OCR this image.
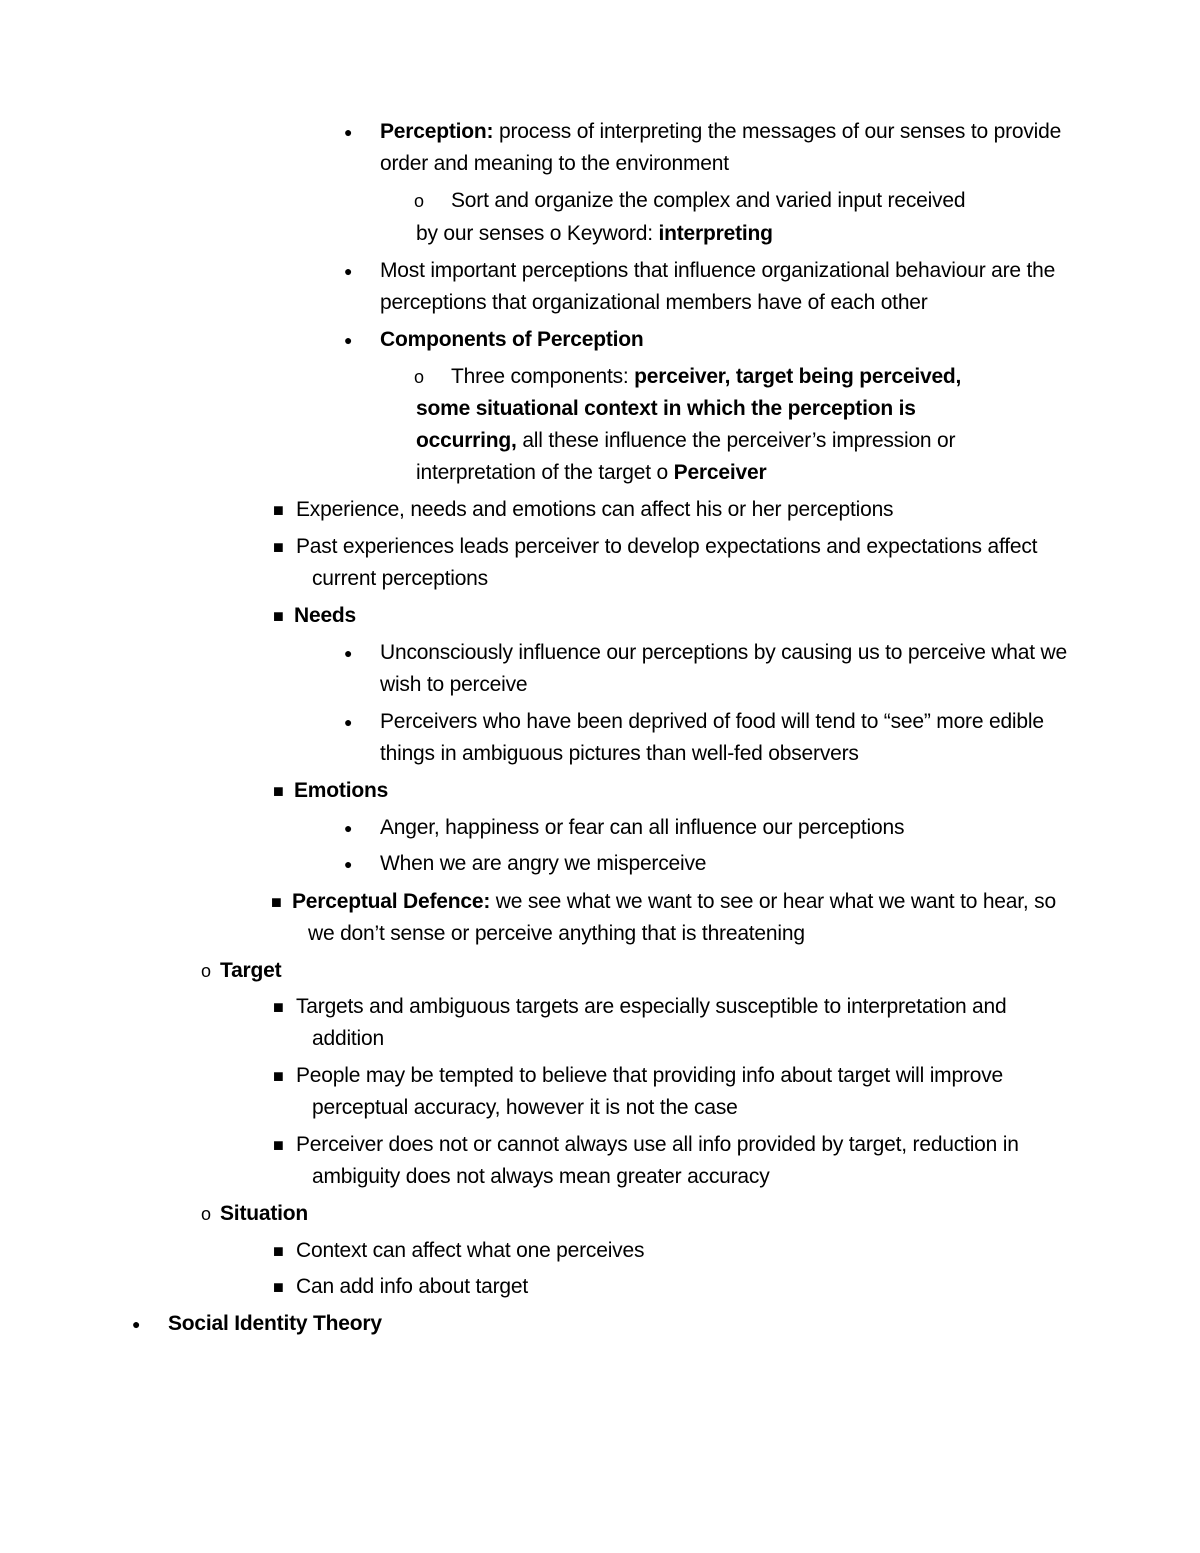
● Perception: process of interpreting the messages of our senses to provide
order and meaning to the environment
o Sort and organize the complex and varied input received
by our senses o Keyword: interpreting
● Most important perceptions that influence organizational behaviour are the
perceptions that organizational members have of each other
● Components of Perception
o Three components: perceiver, target being perceived,
some situational context in which the perception is
occurring, all these influence the perceiver’s impression or
interpretation of the target o Perceiver
■ Experience, needs and emotions can affect his or her perceptions
■ Past experiences leads perceiver to develop expectations and expectations affect
current perceptions
■ Needs
● Unconsciously influence our perceptions by causing us to perceive what we
wish to perceive
● Perceivers who have been deprived of food will tend to “see” more edible
things in ambiguous pictures than well-fed observers
■ Emotions
● Anger, happiness or fear can all influence our perceptions
● When we are angry we misperceive
■ Perceptual Defence: we see what we want to see or hear what we want to hear, so
we don’t sense or perceive anything that is threatening
o Target
■ Targets and ambiguous targets are especially susceptible to interpretation and
addition
■ People may be tempted to believe that providing info about target will improve
perceptual accuracy, however it is not the case
■ Perceiver does not or cannot always use all info provided by target, reduction in
ambiguity does not always mean greater accuracy
o Situation
■ Context can affect what one perceives
■ Can add info about target
● Social Identity Theory
